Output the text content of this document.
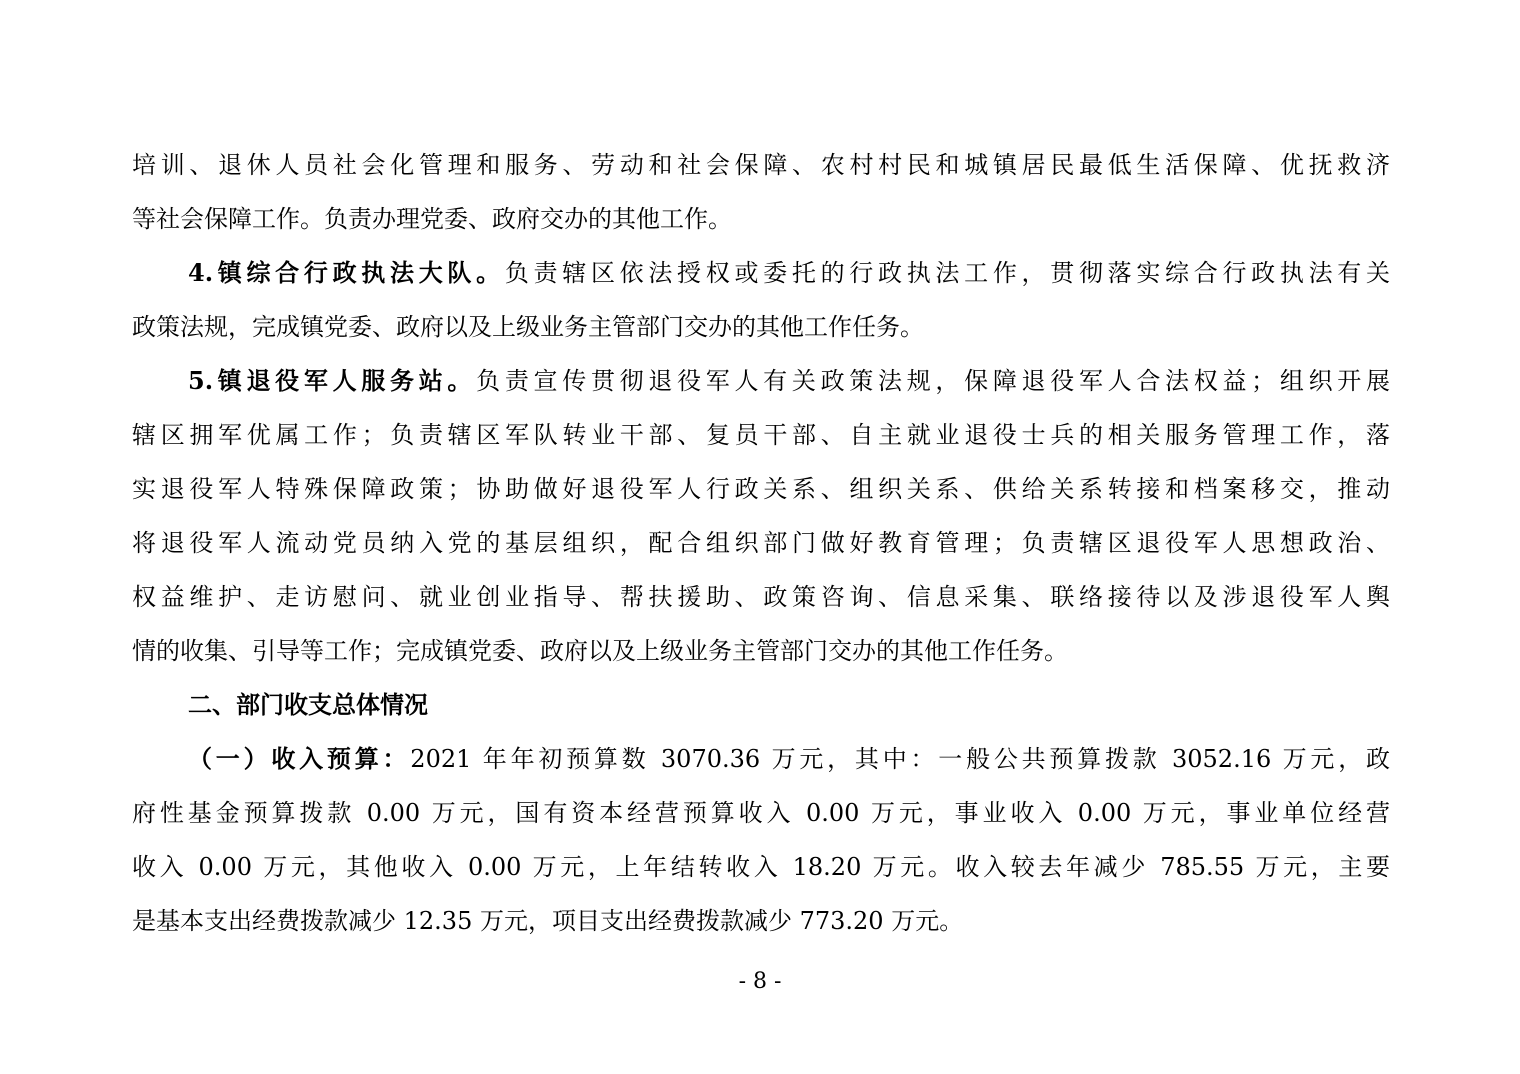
培训、退休人员社会化管理和服务、劳动和社会保障、农村村民和城镇居民最低生活保障、优抚救济
等社会保障工作。负责办理党委、政府交办的其他工作。
4.镇综合行政执法大队。负责辖区依法授权或委托的行政执法工作，贯彻落实综合行政执法有关
政策法规，完成镇党委、政府以及上级业务主管部门交办的其他工作任务。
5.镇退役军人服务站。负责宣传贯彻退役军人有关政策法规，保障退役军人合法权益；组织开展
辖区拥军优属工作；负责辖区军队转业干部、复员干部、自主就业退役士兵的相关服务管理工作，落
实退役军人特殊保障政策；协助做好退役军人行政关系、组织关系、供给关系转接和档案移交，推动
将退役军人流动党员纳入党的基层组织，配合组织部门做好教育管理；负责辖区退役军人思想政治、
权益维护、走访慰问、就业创业指导、帮扶援助、政策咨询、信息采集、联络接待以及涉退役军人舆
情的收集、引导等工作；完成镇党委、政府以及上级业务主管部门交办的其他工作任务。
二、部门收支总体情况
（一）收入预算：2021 年年初预算数 3070.36 万元，其中：一般公共预算拨款 3052.16 万元，政
府性基金预算拨款 0.00 万元，国有资本经营预算收入 0.00 万元，事业收入 0.00 万元，事业单位经营
收入 0.00 万元，其他收入 0.00 万元，上年结转收入 18.20 万元。收入较去年减少 785.55 万元，主要
是基本支出经费拨款减少 12.35 万元，项目支出经费拨款减少 773.20 万元。
- 8 -
